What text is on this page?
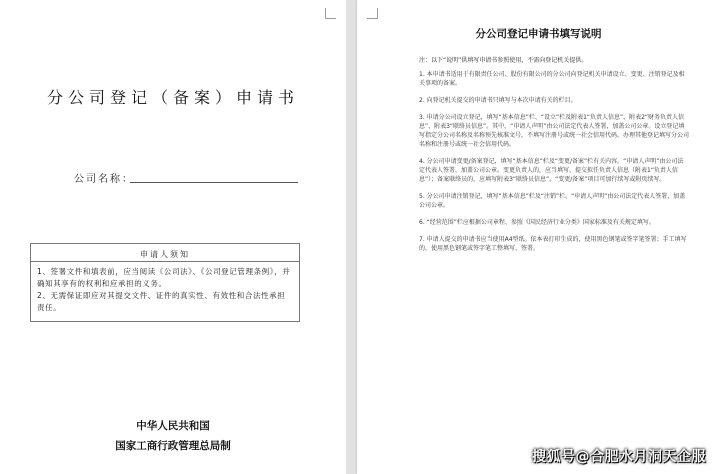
分公司登记（备案）申请书
公司名称：
申请人须知
1、签署文件和填表前，应当阅读《公司法》、《公司登记管理条例》，并确知其享有的权利和应承担的义务。
2、无需保证即应对其提交文件、证件的真实性、有效性和合法性承担责任。
中华人民共和国
国家工商行政管理总局制
分公司登记申请书填写说明
注：以下“说明”供填写申请书参照使用，不需向登记机关提供。
1. 本申请书适用于有限责任公司、股份有限公司的分公司向登记机关申请设立、变更、注销登记及相关事项的备案。
2. 向登记机关提交的申请书只填写与本次申请有关的栏目。
3. 申请分公司设立登记，填写“基本信息”栏、“设立”栏及附表1“负责人信息”、附表2“财务负责人信息”、附表3“联络员信息”。其中，“申请人声明”由公司法定代表人签署，加盖公司公章。设立登记填写指定分公司名称及名称预先核准文号，不填写注册号或统一社会信用代码。办理其他登记填写分公司名称和注册号或统一社会信用代码。
4. 分公司申请变更/备案登记，填写“基本信息”栏及“变更/备案”栏有关内容。“申请人声明”由公司法定代表人签署，加盖公司公章。变更负责人的，应当填写、提交拟任负责人信息（附表1“负责人信息”）；备案联络员的，应填写附表3“联络员信息”。“变更/备案”项目可加行续写或附页续写。
5. 分公司申请注销登记，填写“基本信息”栏及“注销”栏。“申请人声明”由公司法定代表人签署，加盖公司公章。
6. “经营范围”栏应根据公司章程、参照《国民经济行业分类》国家标准及有关规定填写。
7. 申请人提交的申请书应当使用A4型纸。依本表打印生成的，使用黑色钢笔或签字笔签署；手工填写的，使用黑色钢笔或签字笔工整填写、签署。
搜狐号@合肥水月洞天企服
